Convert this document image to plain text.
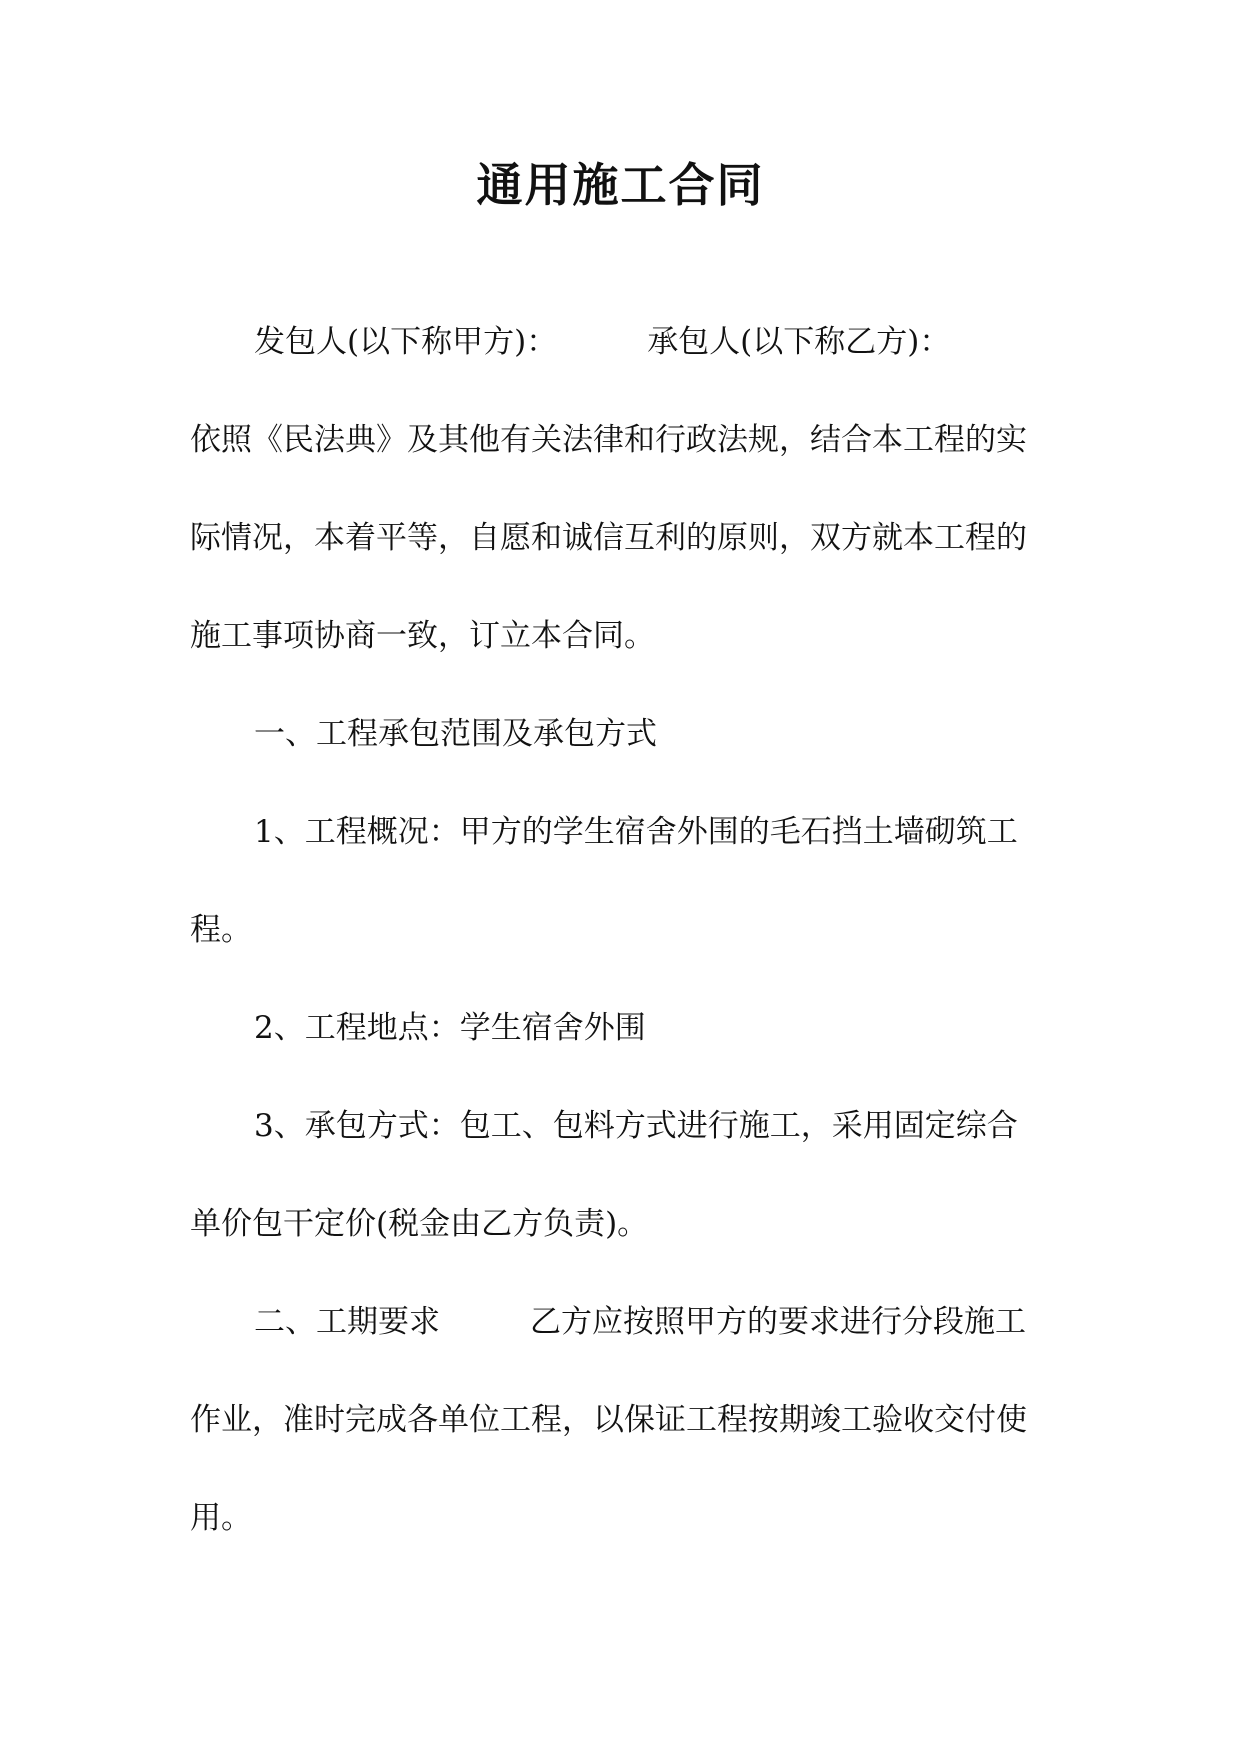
通用施工合同

发包人(以下称甲方)：	承包人(以下称乙方)：

依照《民法典》及其他有关法律和行政法规，结合本工程的实际情况，本着平等，自愿和诚信互利的原则，双方就本工程的施工事项协商一致，订立本合同。

一、工程承包范围及承包方式

1、工程概况：甲方的学生宿舍外围的毛石挡土墙砌筑工程。

2、工程地点：学生宿舍外围

3、承包方式：包工、包料方式进行施工，采用固定综合单价包干定价(税金由乙方负责)。

二、工期要求	乙方应按照甲方的要求进行分段施工作业，准时完成各单位工程，以保证工程按期竣工验收交付使用。
